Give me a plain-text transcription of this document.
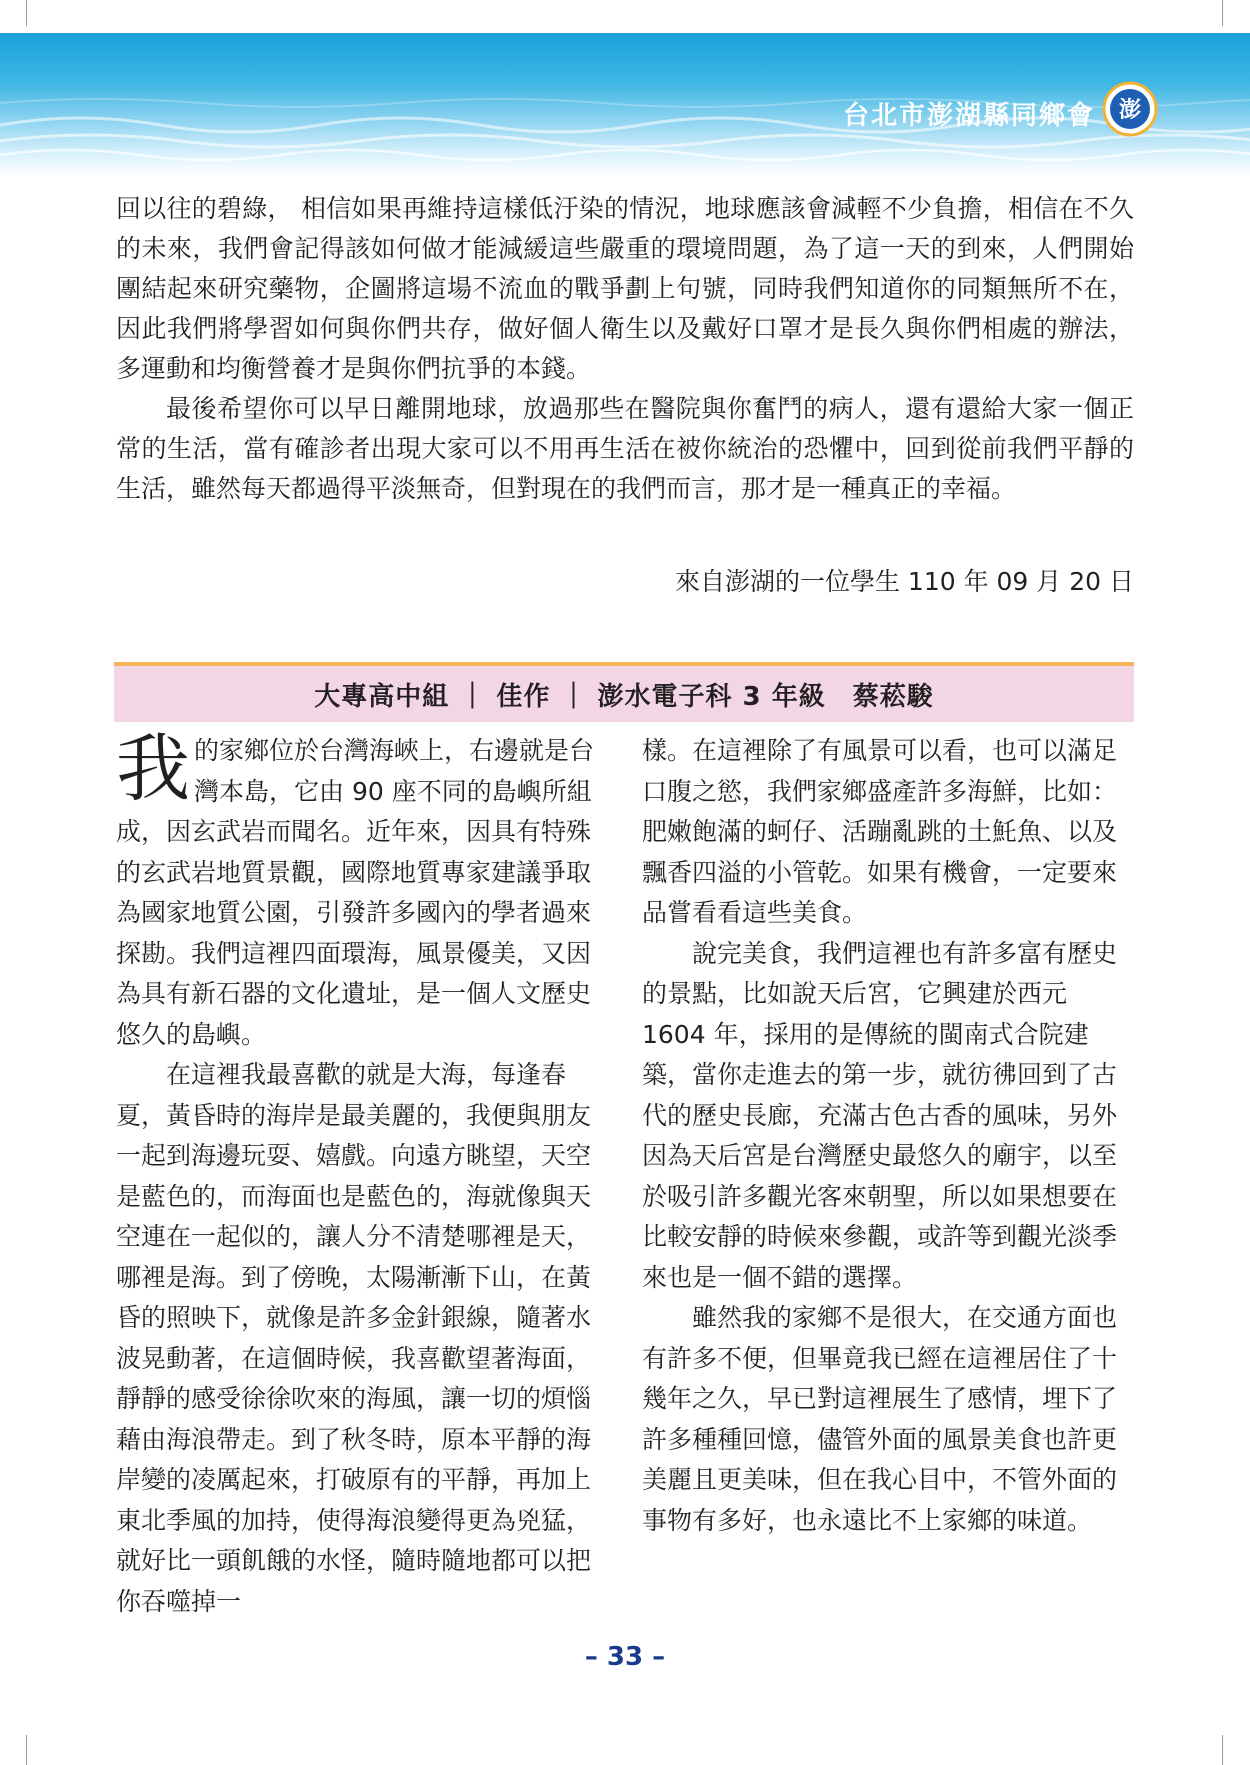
台北市澎湖縣同鄉會 澎

回以往的碧綠， 相信如果再維持這樣低汙染的情況，地球應該會減輕不少負擔，相信在不久的未來，我們會記得該如何做才能減緩這些嚴重的環境問題，為了這一天的到來，人們開始團結起來研究藥物，企圖將這場不流血的戰爭劃上句號，同時我們知道你的同類無所不在，因此我們將學習如何與你們共存，做好個人衛生以及戴好口罩才是長久與你們相處的辦法，多運動和均衡營養才是與你們抗爭的本錢。

最後希望你可以早日離開地球，放過那些在醫院與你奮鬥的病人，還有還給大家一個正常的生活，當有確診者出現大家可以不用再生活在被你統治的恐懼中，回到從前我們平靜的生活，雖然每天都過得平淡無奇，但對現在的我們而言，那才是一種真正的幸福。

來自澎湖的一位學生 110 年 09 月 20 日
大專高中組 ｜ 佳作 ｜ 澎水電子科 3 年級　蔡菘駿

我的家鄉位於台灣海峽上，右邊就是台灣本島，它由 90 座不同的島嶼所組成，因玄武岩而聞名。近年來，因具有特殊的玄武岩地質景觀，國際地質專家建議爭取為國家地質公園，引發許多國內的學者過來探勘。我們這裡四面環海，風景優美，又因為具有新石器的文化遺址，是一個人文歷史悠久的島嶼。
　　在這裡我最喜歡的就是大海，每逢春夏，黃昏時的海岸是最美麗的，我便與朋友一起到海邊玩耍、嬉戲。向遠方眺望，天空是藍色的，而海面也是藍色的，海就像與天空連在一起似的，讓人分不清楚哪裡是天，哪裡是海。到了傍晚，太陽漸漸下山，在黃昏的照映下，就像是許多金針銀線，隨著水波晃動著，在這個時候，我喜歡望著海面，靜靜的感受徐徐吹來的海風，讓一切的煩惱藉由海浪帶走。到了秋冬時，原本平靜的海岸變的凌厲起來，打破原有的平靜，再加上東北季風的加持，使得海浪變得更為兇猛，就好比一頭飢餓的水怪，隨時隨地都可以把你吞噬掉一

樣。在這裡除了有風景可以看，也可以滿足口腹之慾，我們家鄉盛產許多海鮮，比如：肥嫩飽滿的蚵仔、活蹦亂跳的土魠魚、以及飄香四溢的小管乾。如果有機會，一定要來品嘗看看這些美食。
　　說完美食，我們這裡也有許多富有歷史的景點，比如說天后宮，它興建於西元 1604 年，採用的是傳統的閩南式合院建築，當你走進去的第一步，就彷彿回到了古代的歷史長廊，充滿古色古香的風味，另外因為天后宮是台灣歷史最悠久的廟宇，以至於吸引許多觀光客來朝聖，所以如果想要在比較安靜的時候來參觀，或許等到觀光淡季來也是一個不錯的選擇。
　　雖然我的家鄉不是很大，在交通方面也有許多不便，但畢竟我已經在這裡居住了十幾年之久，早已對這裡展生了感情，埋下了許多種種回憶，儘管外面的風景美食也許更美麗且更美味，但在我心目中，不管外面的事物有多好，也永遠比不上家鄉的味道。

– 33 –
